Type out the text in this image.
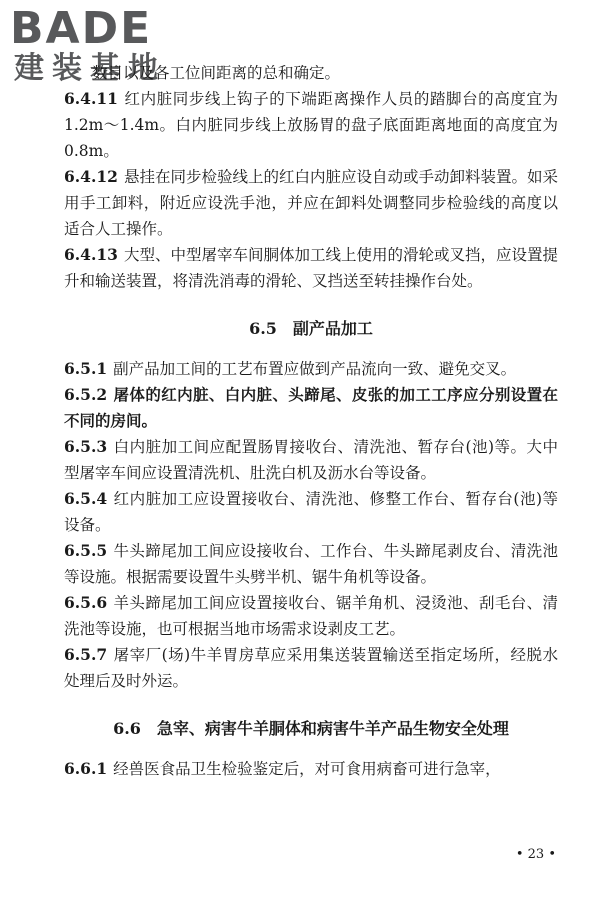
BADE
建装基地

数目以及各工位间距离的总和确定。

6.4.11 红内脏同步线上钩子的下端距离操作人员的踏脚台的高度宜为 1.2m～1.4m。白内脏同步线上放肠胃的盘子底面距离地面的高度宜为 0.8m。

6.4.12 悬挂在同步检验线上的红白内脏应设自动或手动卸料装置。如采用手工卸料，附近应设洗手池，并应在卸料处调整同步检验线的高度以适合人工操作。

6.4.13 大型、中型屠宰车间胴体加工线上使用的滑轮或叉挡，应设置提升和输送装置，将清洗消毒的滑轮、叉挡送至转挂操作台处。

6.5　副产品加工

6.5.1 副产品加工间的工艺布置应做到产品流向一致、避免交叉。

6.5.2 屠体的红内脏、白内脏、头蹄尾、皮张的加工工序应分别设置在不同的房间。

6.5.3 白内脏加工间应配置肠胃接收台、清洗池、暂存台(池)等。大中型屠宰车间应设置清洗机、肚洗白机及沥水台等设备。

6.5.4 红内脏加工应设置接收台、清洗池、修整工作台、暂存台(池)等设备。

6.5.5 牛头蹄尾加工间应设接收台、工作台、牛头蹄尾剥皮台、清洗池等设施。根据需要设置牛头劈半机、锯牛角机等设备。

6.5.6 羊头蹄尾加工间应设置接收台、锯羊角机、浸烫池、刮毛台、清洗池等设施，也可根据当地市场需求设剥皮工艺。

6.5.7 屠宰厂(场)牛羊胃房草应采用集送装置输送至指定场所，经脱水处理后及时外运。

6.6　急宰、病害牛羊胴体和病害牛羊产品生物安全处理

6.6.1 经兽医食品卫生检验鉴定后，对可食用病畜可进行急宰，

• 23 •
